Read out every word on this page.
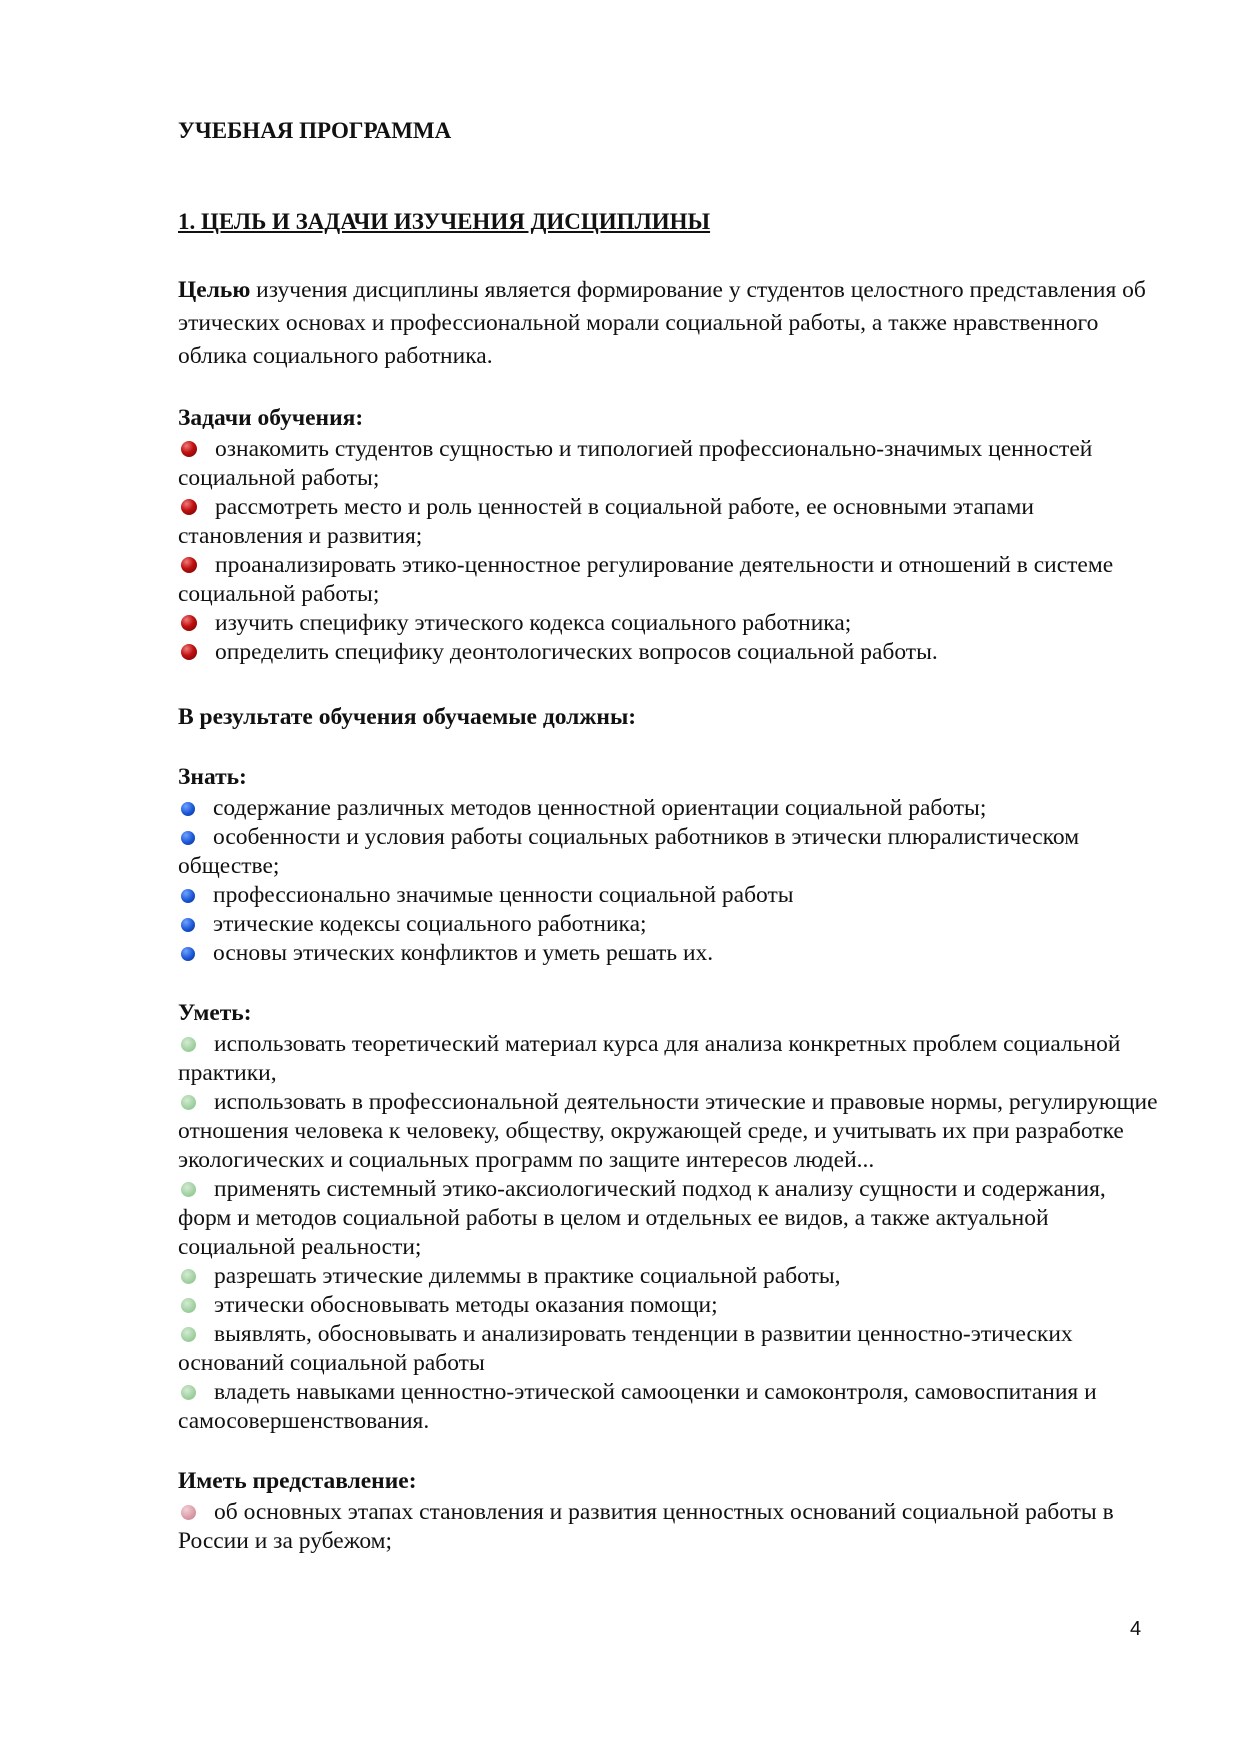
УЧЕБНАЯ ПРОГРАММА

1. ЦЕЛЬ И ЗАДАЧИ ИЗУЧЕНИЯ ДИСЦИПЛИНЫ

Целью изучения дисциплины является формирование у студентов целостного представления об этических основах и профессиональной морали социальной работы, а также нравственного облика социального работника.

Задачи обучения:

ознакомить студентов сущностью и типологией профессионально-значимых ценностей социальной работы;
рассмотреть место и роль ценностей в социальной работе, ее основными этапами становления и развития;
проанализировать этико-ценностное регулирование деятельности и отношений в системе социальной работы;
изучить специфику этического кодекса социального работника;
определить специфику деонтологических вопросов социальной работы.

В результате обучения обучаемые должны:

Знать:

содержание различных методов ценностной ориентации социальной работы;
особенности и условия работы социальных работников в этически плюралистическом обществе;
профессионально значимые ценности социальной работы
этические кодексы социального работника;
основы этических конфликтов и уметь решать их.

Уметь:

использовать теоретический материал курса для анализа конкретных проблем социальной практики,
использовать в профессиональной деятельности этические и правовые нормы, регулирующие отношения человека к человеку, обществу, окружающей среде, и учитывать их при разработке экологических и социальных программ по защите интересов людей...
применять системный этико-аксиологический подход к анализу сущности и содержания, форм и методов социальной работы в целом и отдельных ее видов, а также актуальной социальной реальности;
разрешать этические дилеммы в практике социальной работы,
этически обосновывать методы оказания помощи;
выявлять, обосновывать и анализировать тенденции в развитии ценностно-этических оснований социальной работы
владеть навыками ценностно-этической самооценки и самоконтроля, самовоспитания и самосовершенствования.

Иметь представление:

об основных этапах становления и развития ценностных оснований социальной работы в России и за рубежом;
4
